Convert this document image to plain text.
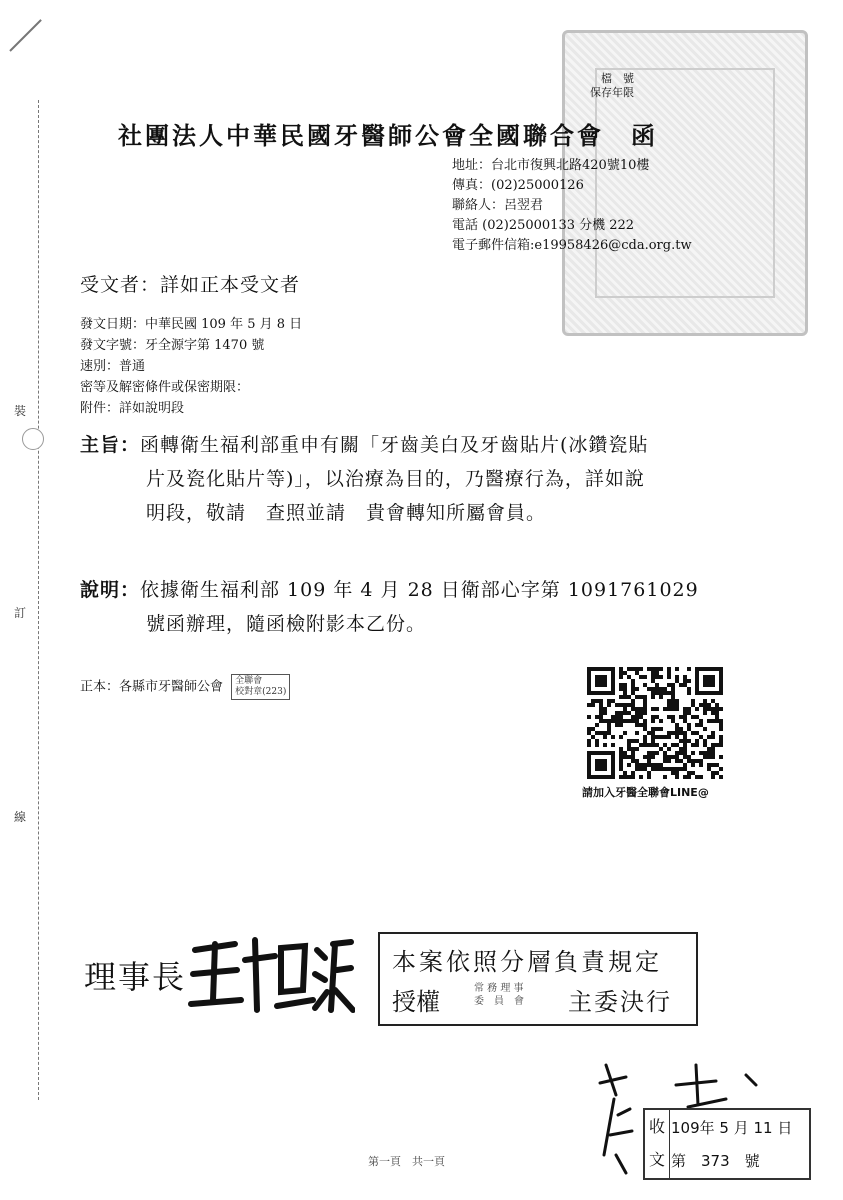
裝
訂
線
檔　號
保存年限
社團法人中華民國牙醫師公會全國聯合會　函
地址：台北市復興北路420號10樓
傳真：(02)25000126
聯絡人：呂翌君
電話 (02)25000133 分機 222
電子郵件信箱:e19958426@cda.org.tw
受文者：詳如正本受文者
發文日期：中華民國 109 年 5 月 8 日
發文字號：牙全源字第 1470 號
速別：普通
密等及解密條件或保密期限：
附件：詳如說明段
主旨：函轉衛生福利部重申有關「牙齒美白及牙齒貼片(冰鑽瓷貼
片及瓷化貼片等)」，以治療為目的，乃醫療行為，詳如說
明段，敬請　查照並請　貴會轉知所屬會員。
說明：依據衛生福利部 109 年 4 月 28 日衛部心字第 1091761029
號函辦理，隨函檢附影本乙份。
正本：各縣市牙醫師公會 全聯會
校對章(223)
請加入牙醫全聯會LINE@
理事長	本案依照分層負責規定
授權	常 務 理 事
委　員　會 主委決行
收
文
109年 5 月 11 日
第　373　號
第一頁　共一頁
